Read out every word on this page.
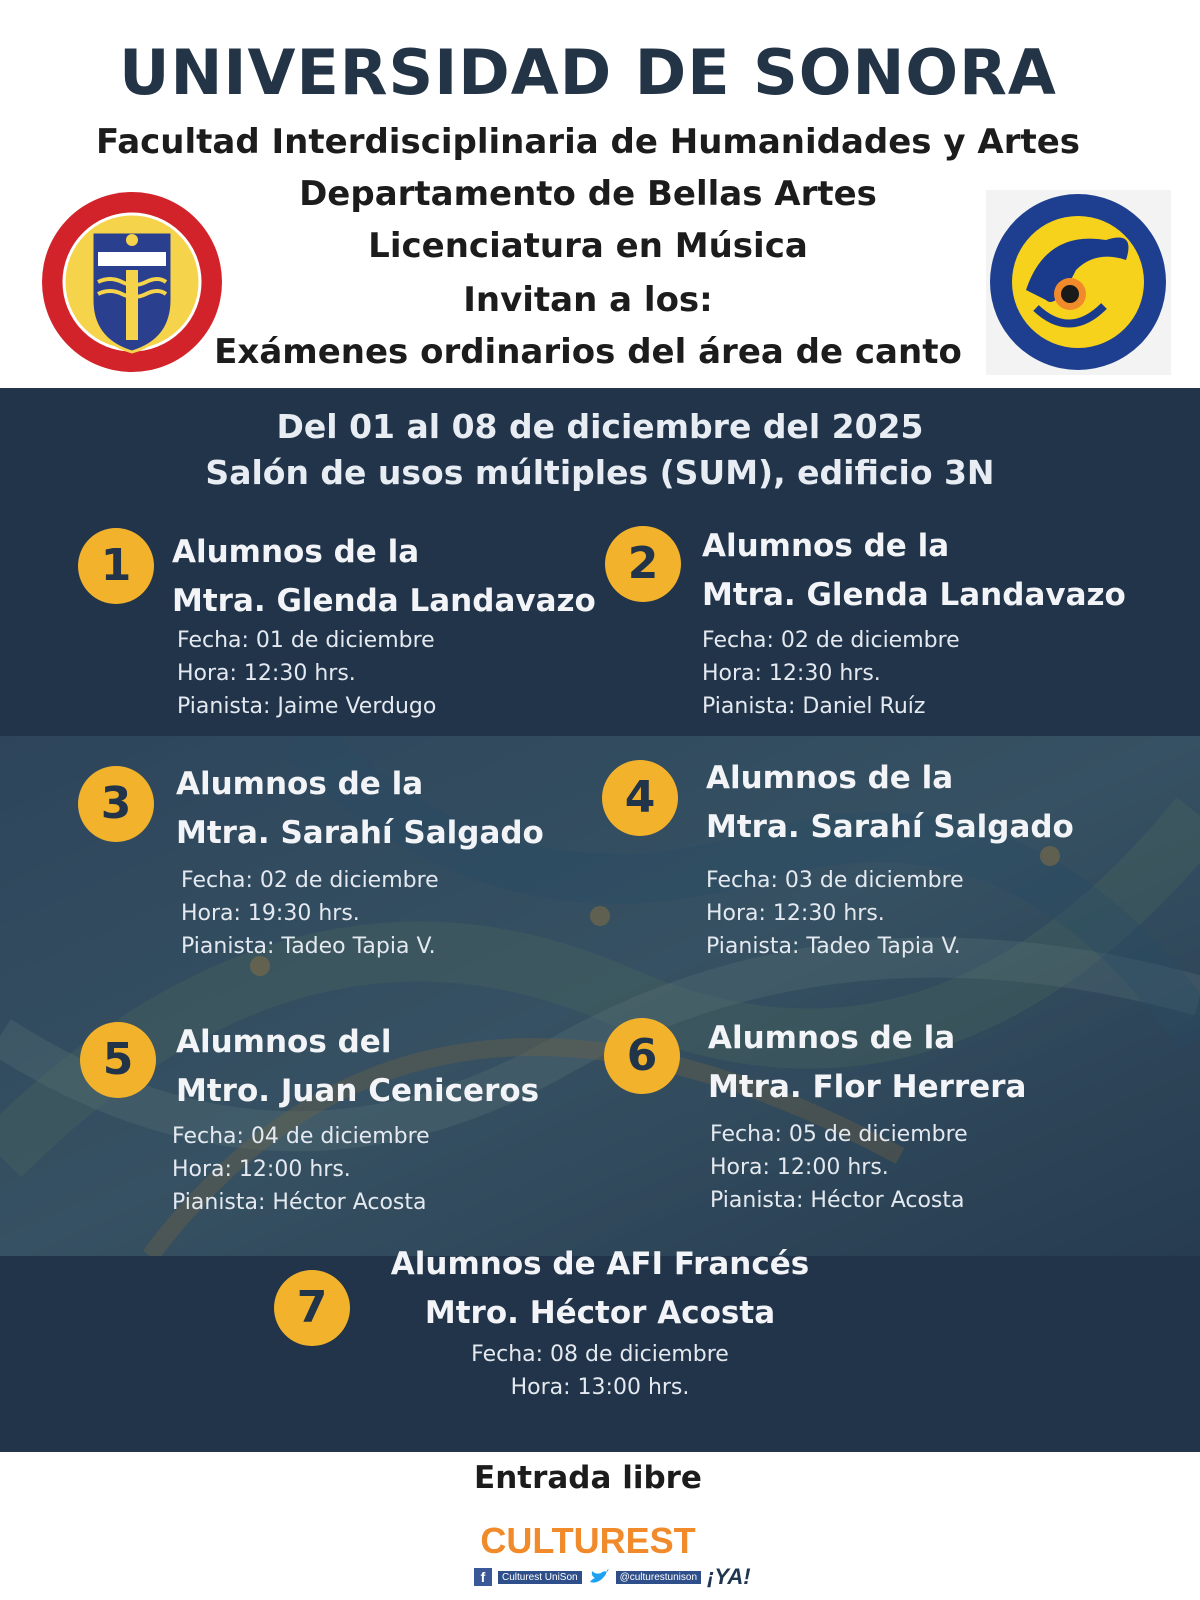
UNIVERSIDAD DE SONORA
Facultad Interdisciplinaria de Humanidades y Artes
Departamento de Bellas Artes
Licenciatura en Música
Invitan a los:
Exámenes ordinarios del área de canto
Del 01 al 08 de diciembre del 2025
Salón de usos múltiples (SUM), edificio 3N
1	Alumnos de la
Mtra. Glenda Landavazo
Fecha: 01 de diciembre
Hora: 12:30 hrs.
Pianista: Jaime Verdugo
2	Alumnos de la
Mtra. Glenda Landavazo
Fecha: 02 de diciembre
Hora: 12:30 hrs.
Pianista: Daniel Ruíz
3	Alumnos de la
Mtra. Sarahí Salgado
Fecha: 02 de diciembre
Hora: 19:30 hrs.
Pianista: Tadeo Tapia V.
4	Alumnos de la
Mtra. Sarahí Salgado
Fecha: 03 de diciembre
Hora: 12:30 hrs.
Pianista: Tadeo Tapia V.
5	Alumnos del
Mtro. Juan Ceniceros
Fecha: 04 de diciembre
Hora: 12:00 hrs.
Pianista: Héctor Acosta
6	Alumnos de la
Mtra. Flor Herrera
Fecha: 05 de diciembre
Hora: 12:00 hrs.
Pianista: Héctor Acosta
7
Alumnos de AFI Francés
Mtro. Héctor Acosta
Fecha: 08 de diciembre
Hora: 13:00 hrs.
Entrada libre
CULTUREST
f	Culturest UniSon	@culturestunison ¡YA!
